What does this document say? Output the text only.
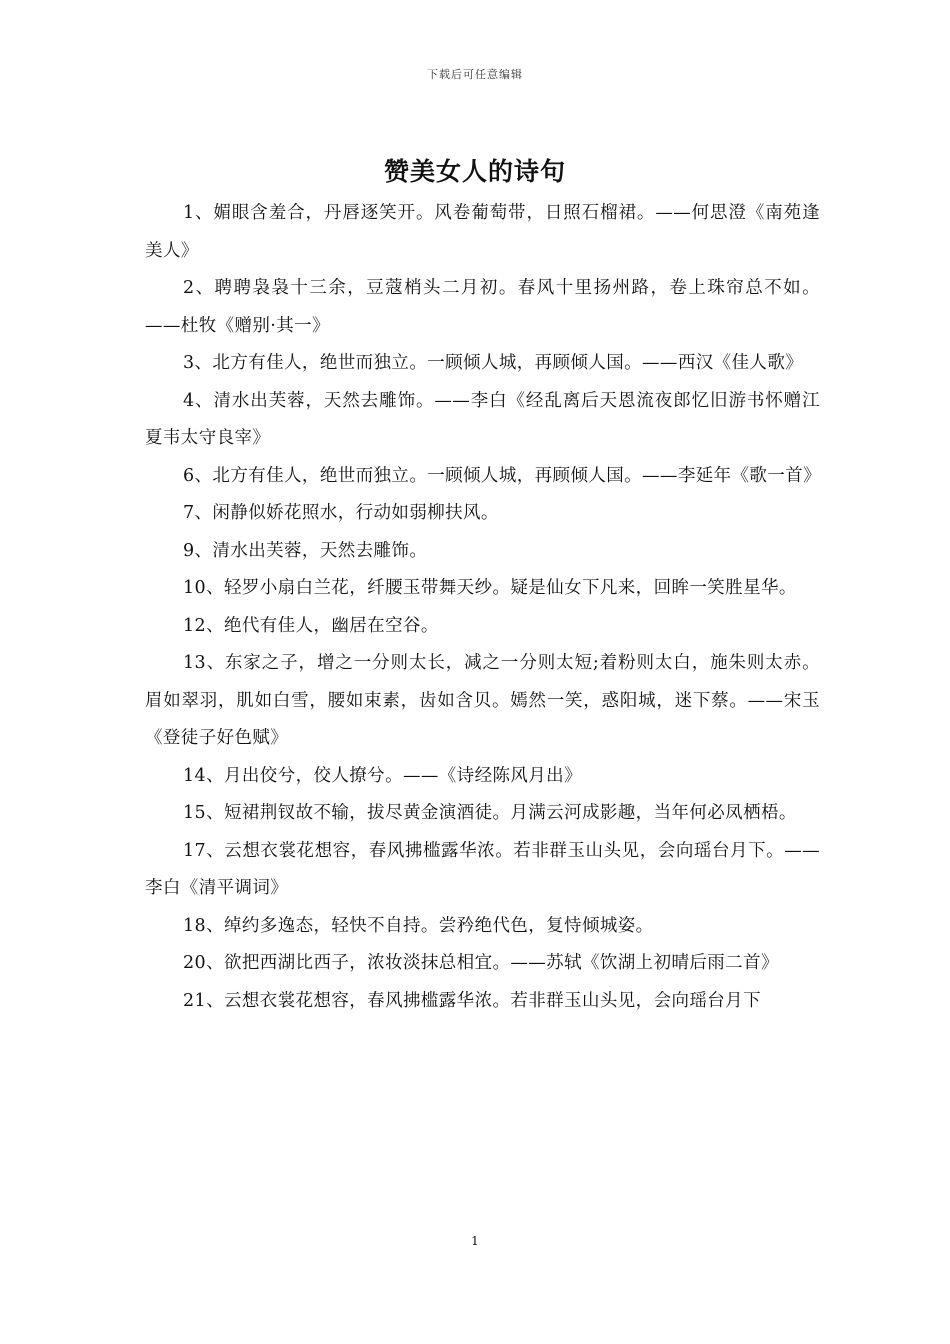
下载后可任意编辑
赞美女人的诗句

1、媚眼含羞合，丹唇逐笑开。风卷葡萄带，日照石榴裙。——何思澄《南苑逢美人》

2、聘聘袅袅十三余，豆蔻梢头二月初。春风十里扬州路，卷上珠帘总不如。——杜牧《赠别·其一》

3、北方有佳人，绝世而独立。一顾倾人城，再顾倾人国。——西汉《佳人歌》

4、清水出芙蓉，天然去雕饰。——李白《经乱离后天恩流夜郎忆旧游书怀赠江夏韦太守良宰》

6、北方有佳人，绝世而独立。一顾倾人城，再顾倾人国。——李延年《歌一首》

7、闲静似娇花照水，行动如弱柳扶风。

9、清水出芙蓉，天然去雕饰。

10、轻罗小扇白兰花，纤腰玉带舞天纱。疑是仙女下凡来，回眸一笑胜星华。

12、绝代有佳人，幽居在空谷。

13、东家之子，增之一分则太长，减之一分则太短;着粉则太白，施朱则太赤。眉如翠羽，肌如白雪，腰如束素，齿如含贝。嫣然一笑，惑阳城，迷下蔡。——宋玉《登徒子好色赋》

14、月出佼兮，佼人撩兮。——《诗经陈风月出》

15、短裙荆钗故不输，拔尽黄金演酒徒。月满云河成影趣，当年何必凤栖梧。

17、云想衣裳花想容，春风拂槛露华浓。若非群玉山头见，会向瑶台月下。——李白《清平调词》

18、绰约多逸态，轻快不自持。尝矜绝代色，复恃倾城姿。

20、欲把西湖比西子，浓妆淡抹总相宜。——苏轼《饮湖上初晴后雨二首》

21、云想衣裳花想容，春风拂槛露华浓。若非群玉山头见，会向瑶台月下

1
